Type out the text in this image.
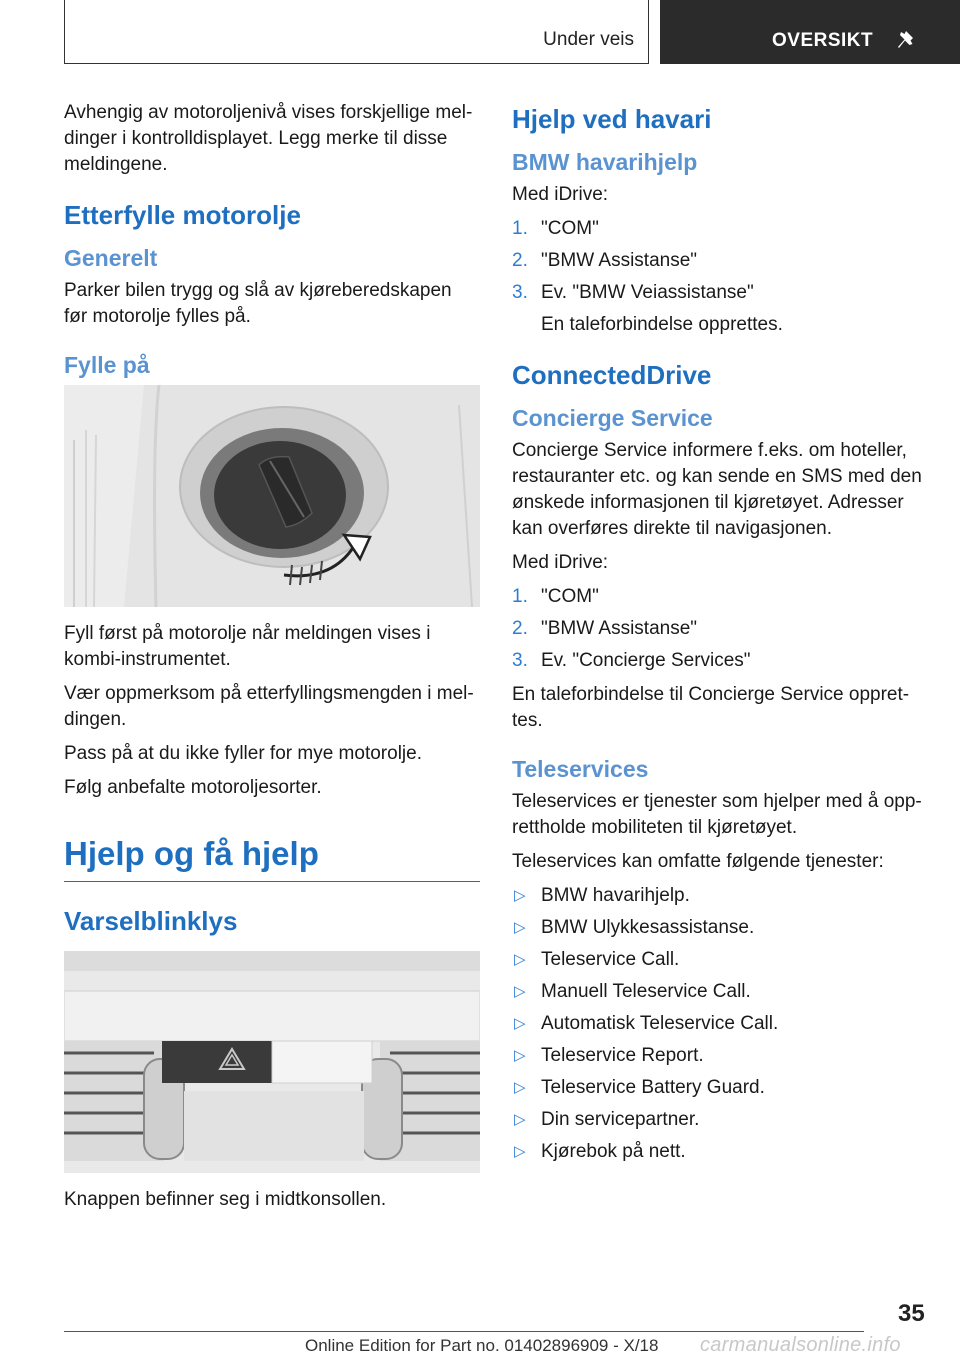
Under veis	OVERSIKT

Avhengig av motoroljenivå vises forskjellige mel-dinger i kontrolldisplayet. Legg merke til disse meldingene.

Etterfylle motorolje
Generelt

Parker bilen trygg og slå av kjøreberedskapen før motorolje fylles på.

Fylle på

Fyll først på motorolje når meldingen vises i kombi-instrumentet.

Vær oppmerksom på etterfyllingsmengden i mel-dingen.

Pass på at du ikke fyller for mye motorolje.

Følg anbefalte motoroljesorter.

Hjelp og få hjelp
Varselblinklys

Knappen befinner seg i midtkonsollen.

Hjelp ved havari
BMW havarihjelp

Med iDrive:

1. "COM"
2. "BMW Assistanse"
3. Ev. "BMW Veiassistanse"
En taleforbindelse opprettes.
ConnectedDrive
Concierge Service

Concierge Service informere f.eks. om hoteller, restauranter etc. og kan sende en SMS med den ønskede informasjonen til kjøretøyet. Adresser kan overføres direkte til navigasjonen.

Med iDrive:

1. "COM"
2. "BMW Assistanse"
3. Ev. "Concierge Services"

En taleforbindelse til Concierge Service oppret-tes.

Teleservices

Teleservices er tjenester som hjelper med å opp-rettholde mobiliteten til kjøretøyet.

Teleservices kan omfatte følgende tjenester:

▷ BMW havarihjelp.
▷ BMW Ulykkesassistanse.
▷ Teleservice Call.
▷ Manuell Teleservice Call.
▷ Automatisk Teleservice Call.
▷ Teleservice Report.
▷ Teleservice Battery Guard.
▷ Din servicepartner.
▷ Kjørebok på nett.
35
Online Edition for Part no. 01402896909 - X/18 carmanualsonline.info
